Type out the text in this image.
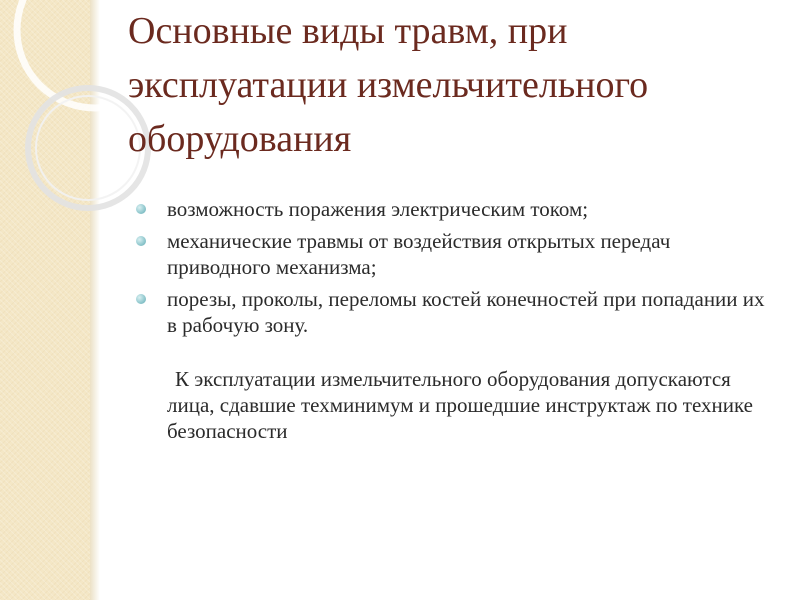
Основные виды травм, при эксплуатации измельчительного оборудования
возможность поражения электрическим током;
механические травмы от воздействия открытых передач приводного механизма;
порезы, проколы, переломы костей конечностей при попадании их в рабочую зону.

К эксплуатации измельчительного оборудования допускаются лица, сдавшие техминимум и прошедшие инструктаж по технике безопасности
